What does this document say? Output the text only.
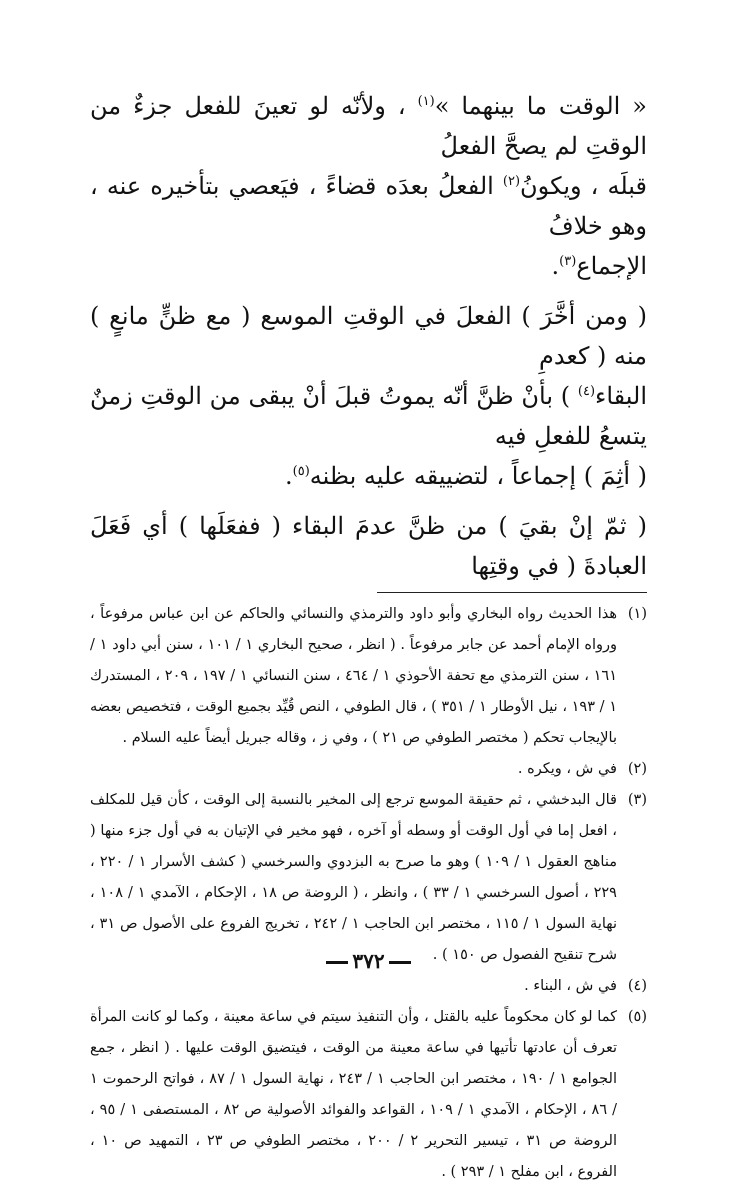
« الوقت ما بينهما »$^{(١)}$ ، ولأنّه لو تعينَ للفعل جزءٌ من الوقتِ لم يصحَّ الفعلُ

قبلَه ، ويكونُ$^{(٢)}$ الفعلُ بعدَه قضاءً ، فيَعصي بتأخيره عنه ، وهو خلافُ

الإجماع$^{(٣)}$.

( ومن أخَّرَ ) الفعلَ في الوقتِ الموسع ( مع ظنٍّ مانعٍ ) منه ( كعدمِ

البقاء$^{(٤)}$ ) بأنْ ظنَّ أنّه يموتُ قبلَ أنْ يبقى من الوقتِ زمنٌ يتسعُ للفعلِ فيه

( أثِمَ ) إجماعاً ، لتضييقه عليه بظنه$^{(٥)}$.

( ثمّ إنْ بقيَ ) من ظنَّ عدمَ البقاء ( ففعَلَها ) أي فَعَلَ العبادةَ ( في وقتِها

(١)
هذا الحديث رواه البخاري وأبو داود والترمذي والنسائي والحاكم عن ابن عباس مرفوعاً ، ورواه الإمام أحمد عن جابر مرفوعاً . ( انظر ، صحيح البخاري ١ / ١٠١ ، سنن أبي داود ١ / ١٦١ ، سنن الترمذي مع تحفة الأحوذي ١ / ٤٦٤ ، سنن النسائي ١ / ١٩٧ ، ٢٠٩ ، المستدرك ١ / ١٩٣ ، نيل الأوطار ١ / ٣٥١ ) ، قال الطوفي ، النص قُيِّد بجميع الوقت ، فتخصيص بعضه بالإيجاب تحكم ( مختصر الطوفي ص ٢١ ) ، وفي ز ، وقاله جبريل أيضاً عليه السلام .
(٢)
في ش ، ويكره .
(٣)
قال البدخشي ، ثم حقيقة الموسع ترجع إلى المخير بالنسبة إلى الوقت ، كأن قيل للمكلف ، افعل إما في أول الوقت أو وسطه أو آخره ، فهو مخير في الإتيان به في أول جزء منها ( مناهج العقول ١ / ١٠٩ ) وهو ما صرح به البزدوي والسرخسي ( كشف الأسرار ١ / ٢٢٠ ، ٢٢٩ ، أصول السرخسي ١ / ٣٣ ) ، وانظر ، ( الروضة ص ١٨ ، الإحكام ، الآمدي ١ / ١٠٨ ، نهاية السول ١ / ١١٥ ، مختصر ابن الحاجب ١ / ٢٤٢ ، تخريج الفروع على الأصول ص ٣١ ، شرح تنقيح الفصول ص ١٥٠ ) .
(٤)
في ش ، البناء .
(٥)
كما لو كان محكوماً عليه بالقتل ، وأن التنفيذ سيتم في ساعة معينة ، وكما لو كانت المرأة تعرف أن عادتها تأتيها في ساعة معينة من الوقت ، فيتضيق الوقت عليها . ( انظر ، جمع الجوامع ١ / ١٩٠ ، مختصر ابن الحاجب ١ / ٢٤٣ ، نهاية السول ١ / ٨٧ ، فواتح الرحموت ١ / ٨٦ ، الإحكام ، الآمدي ١ / ١٠٩ ، القواعد والفوائد الأصولية ص ٨٢ ، المستصفى ١ / ٩٥ ، الروضة ص ٣١ ، تيسير التحرير ٢ / ٢٠٠ ، مختصر الطوفي ص ٢٣ ، التمهيد ص ١٠ ، الفروع ، ابن مفلح ١ / ٢٩٣ ) .
٣٧٢
